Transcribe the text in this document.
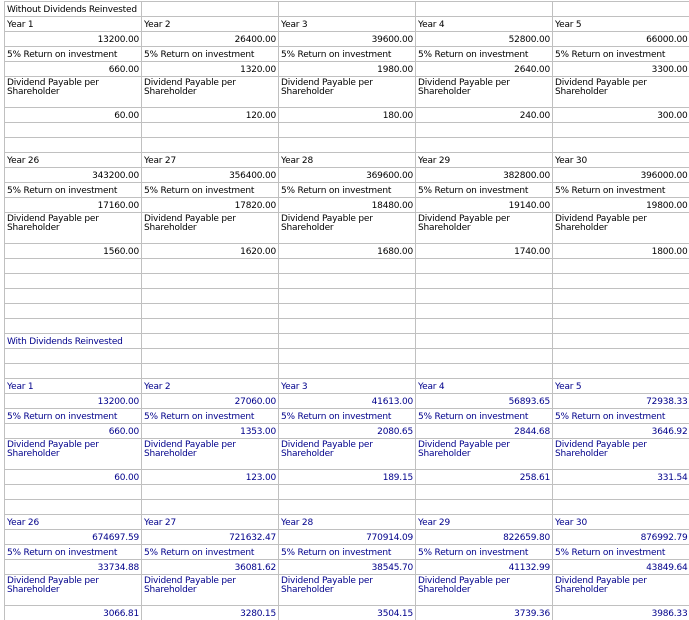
Without Dividends Reinvested				
Year 1	Year 2	Year 3	Year 4	Year 5
13200.00	26400.00	39600.00	52800.00	66000.00
5% Return on investment	5% Return on investment	5% Return on investment	5% Return on investment	5% Return on investment
660.00	1320.00	1980.00	2640.00	3300.00
Dividend Payable per Shareholder	Dividend Payable per Shareholder	Dividend Payable per Shareholder	Dividend Payable per Shareholder	Dividend Payable per Shareholder
60.00	120.00	180.00	240.00	300.00

Year 26	Year 27	Year 28	Year 29	Year 30
343200.00	356400.00	369600.00	382800.00	396000.00
5% Return on investment	5% Return on investment	5% Return on investment	5% Return on investment	5% Return on investment
17160.00	17820.00	18480.00	19140.00	19800.00
Dividend Payable per Shareholder	Dividend Payable per Shareholder	Dividend Payable per Shareholder	Dividend Payable per Shareholder	Dividend Payable per Shareholder
1560.00	1620.00	1680.00	1740.00	1800.00

With Dividends Reinvested				

Year 1	Year 2	Year 3	Year 4	Year 5
13200.00	27060.00	41613.00	56893.65	72938.33
5% Return on investment	5% Return on investment	5% Return on investment	5% Return on investment	5% Return on investment
660.00	1353.00	2080.65	2844.68	3646.92
Dividend Payable per Shareholder	Dividend Payable per Shareholder	Dividend Payable per Shareholder	Dividend Payable per Shareholder	Dividend Payable per Shareholder
60.00	123.00	189.15	258.61	331.54

Year 26	Year 27	Year 28	Year 29	Year 30
674697.59	721632.47	770914.09	822659.80	876992.79
5% Return on investment	5% Return on investment	5% Return on investment	5% Return on investment	5% Return on investment
33734.88	36081.62	38545.70	41132.99	43849.64
Dividend Payable per Shareholder	Dividend Payable per Shareholder	Dividend Payable per Shareholder	Dividend Payable per Shareholder	Dividend Payable per Shareholder
3066.81	3280.15	3504.15	3739.36	3986.33
